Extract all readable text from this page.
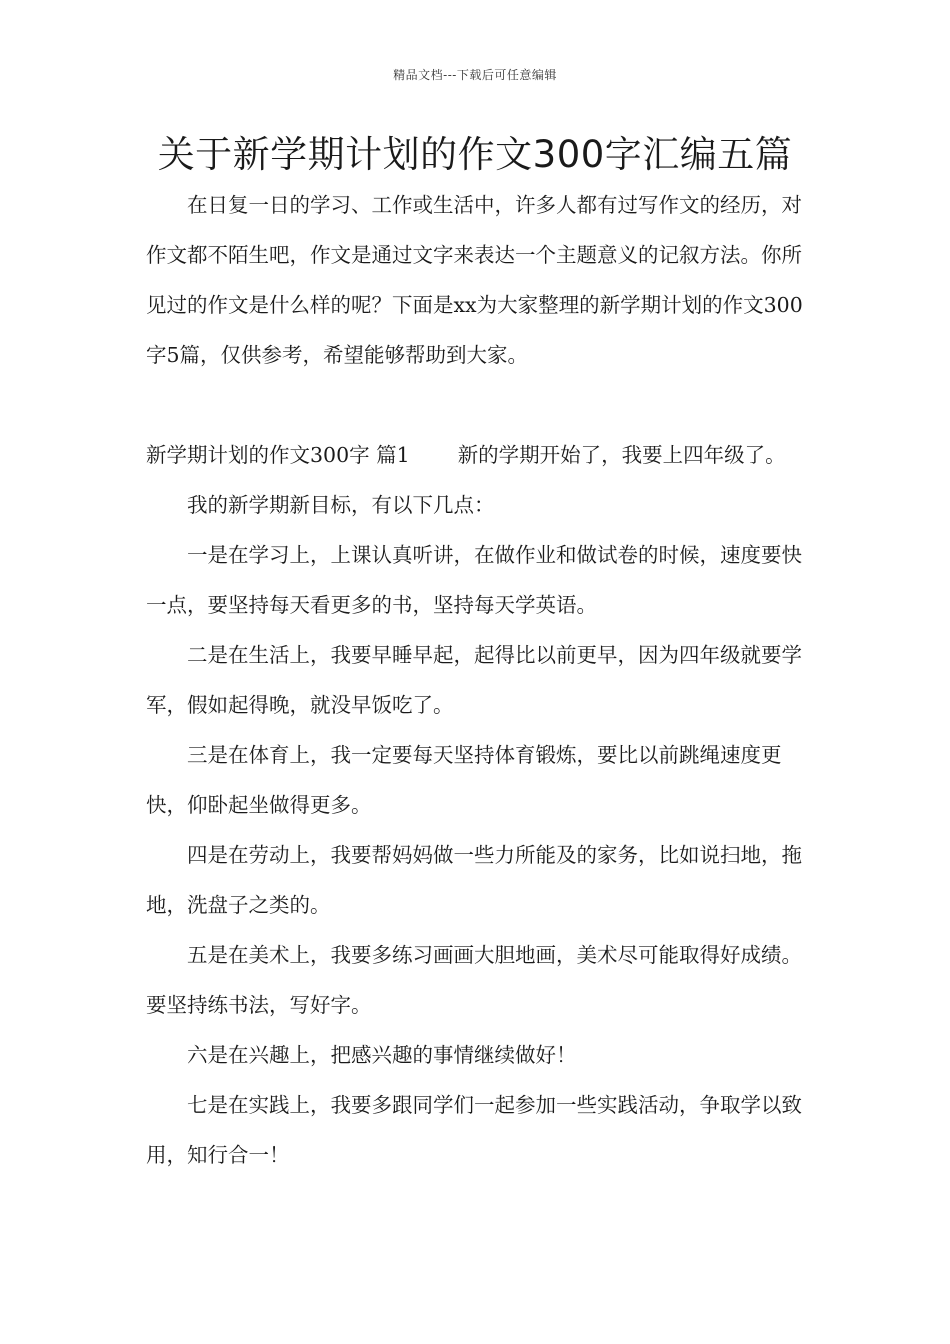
精品文档---下载后可任意编辑
关于新学期计划的作文300字汇编五篇

在日复一日的学习、工作或生活中，许多人都有过写作文的经历，对作文都不陌生吧，作文是通过文字来表达一个主题意义的记叙方法。你所见过的作文是什么样的呢？下面是xx为大家整理的新学期计划的作文300字5篇，仅供参考，希望能够帮助到大家。

新学期计划的作文300字 篇1 新的学期开始了，我要上四年级了。

我的新学期新目标，有以下几点：

一是在学习上，上课认真听讲，在做作业和做试卷的时候，速度要快一点，要坚持每天看更多的书，坚持每天学英语。

二是在生活上，我要早睡早起，起得比以前更早，因为四年级就要学军，假如起得晚，就没早饭吃了。

三是在体育上，我一定要每天坚持体育锻炼，要比以前跳绳速度更快，仰卧起坐做得更多。

四是在劳动上，我要帮妈妈做一些力所能及的家务，比如说扫地，拖地，洗盘子之类的。

五是在美术上，我要多练习画画大胆地画，美术尽可能取得好成绩。要坚持练书法，写好字。

六是在兴趣上，把感兴趣的事情继续做好！

七是在实践上，我要多跟同学们一起参加一些实践活动，争取学以致用，知行合一！
